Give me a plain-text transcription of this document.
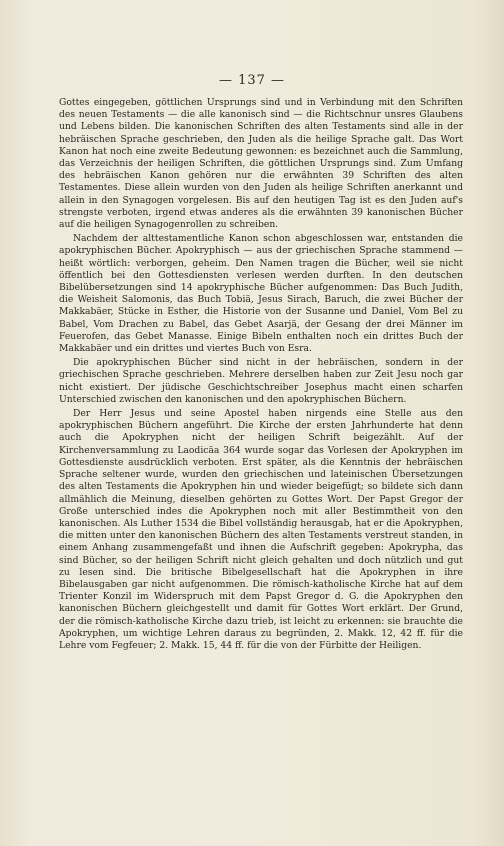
— 137 —

Gottes eingegeben, göttlichen Ursprungs sind und in Verbindung mit den Schriften des neuen Testaments — die alle kanonisch sind — die Richtschnur unsres Glaubens und Lebens bilden. Die kanonischen Schriften des alten Testaments sind alle in der hebräischen Sprache geschrieben, den Juden als die heilige Sprache galt. Das Wort Kanon hat noch eine zweite Bedeutung gewonnen: es bezeichnet auch die Sammlung, das Verzeichnis der heiligen Schriften, die göttlichen Ursprungs sind. Zum Umfang des hebräischen Kanon gehören nur die erwähnten 39 Schriften des alten Testamentes. Diese allein wurden von den Juden als heilige Schriften anerkannt und allein in den Synagogen vorgelesen. Bis auf den heutigen Tag ist es den Juden auf's strengste verboten, irgend etwas anderes als die erwähnten 39 kanonischen Bücher auf die heiligen Synagogenrollen zu schreiben.

Nachdem der alttestamentliche Kanon schon abgeschlossen war, entstanden die apokryphischen Bücher. Apokryphisch — aus der griechischen Sprache stammend — heißt wörtlich: verborgen, geheim. Den Namen tragen die Bücher, weil sie nicht öffentlich bei den Gottesdiensten verlesen werden durften. In den deutschen Bibelübersetzungen sind 14 apokryphische Bücher aufgenommen: Das Buch Judith, die Weisheit Salomonis, das Buch Tobiä, Jesus Sirach, Baruch, die zwei Bücher der Makkabäer, Stücke in Esther, die Historie von der Susanne und Daniel, Vom Bel zu Babel, Vom Drachen zu Babel, das Gebet Asarjä, der Gesang der drei Männer im Feuerofen, das Gebet Manasse. Einige Bibeln enthalten noch ein drittes Buch der Makkabäer und ein drittes und viertes Buch von Esra.

Die apokryphischen Bücher sind nicht in der hebräischen, sondern in der griechischen Sprache geschrieben. Mehrere derselben haben zur Zeit Jesu noch gar nicht existiert. Der jüdische Geschichtschreiber Josephus macht einen scharfen Unterschied zwischen den kanonischen und den apokryphischen Büchern.

Der Herr Jesus und seine Apostel haben nirgends eine Stelle aus den apokryphischen Büchern angeführt. Die Kirche der ersten Jahrhunderte hat denn auch die Apokryphen nicht der heiligen Schrift beigezählt. Auf der Kirchenversammlung zu Laodicäa 364 wurde sogar das Vorlesen der Apokryphen im Gottesdienste ausdrücklich verboten. Erst später, als die Kenntnis der hebräischen Sprache seltener wurde, wurden den griechischen und lateinischen Übersetzungen des alten Testaments die Apokryphen hin und wieder beigefügt; so bildete sich dann allmählich die Meinung, dieselben gehörten zu Gottes Wort. Der Papst Gregor der Große unterschied indes die Apokryphen noch mit aller Bestimmtheit von den kanonischen. Als Luther 1534 die Bibel vollständig herausgab, hat er die Apokryphen, die mitten unter den kanonischen Büchern des alten Testaments verstreut standen, in einem Anhang zusammengefaßt und ihnen die Aufschrift gegeben: Apokrypha, das sind Bücher, so der heiligen Schrift nicht gleich gehalten und doch nützlich und gut zu lesen sind. Die britische Bibelgesellschaft hat die Apokryphen in ihre Bibelausgaben gar nicht aufgenommen. Die römisch-katholische Kirche hat auf dem Trienter Konzil im Widerspruch mit dem Papst Gregor d. G. die Apokryphen den kanonischen Büchern gleichgestellt und damit für Gottes Wort erklärt. Der Grund, der die römisch-katholische Kirche dazu trieb, ist leicht zu erkennen: sie brauchte die Apokryphen, um wichtige Lehren daraus zu begründen, 2. Makk. 12, 42 ff. für die Lehre vom Fegfeuer; 2. Makk. 15, 44 ff. für die von der Fürbitte der Heiligen.
